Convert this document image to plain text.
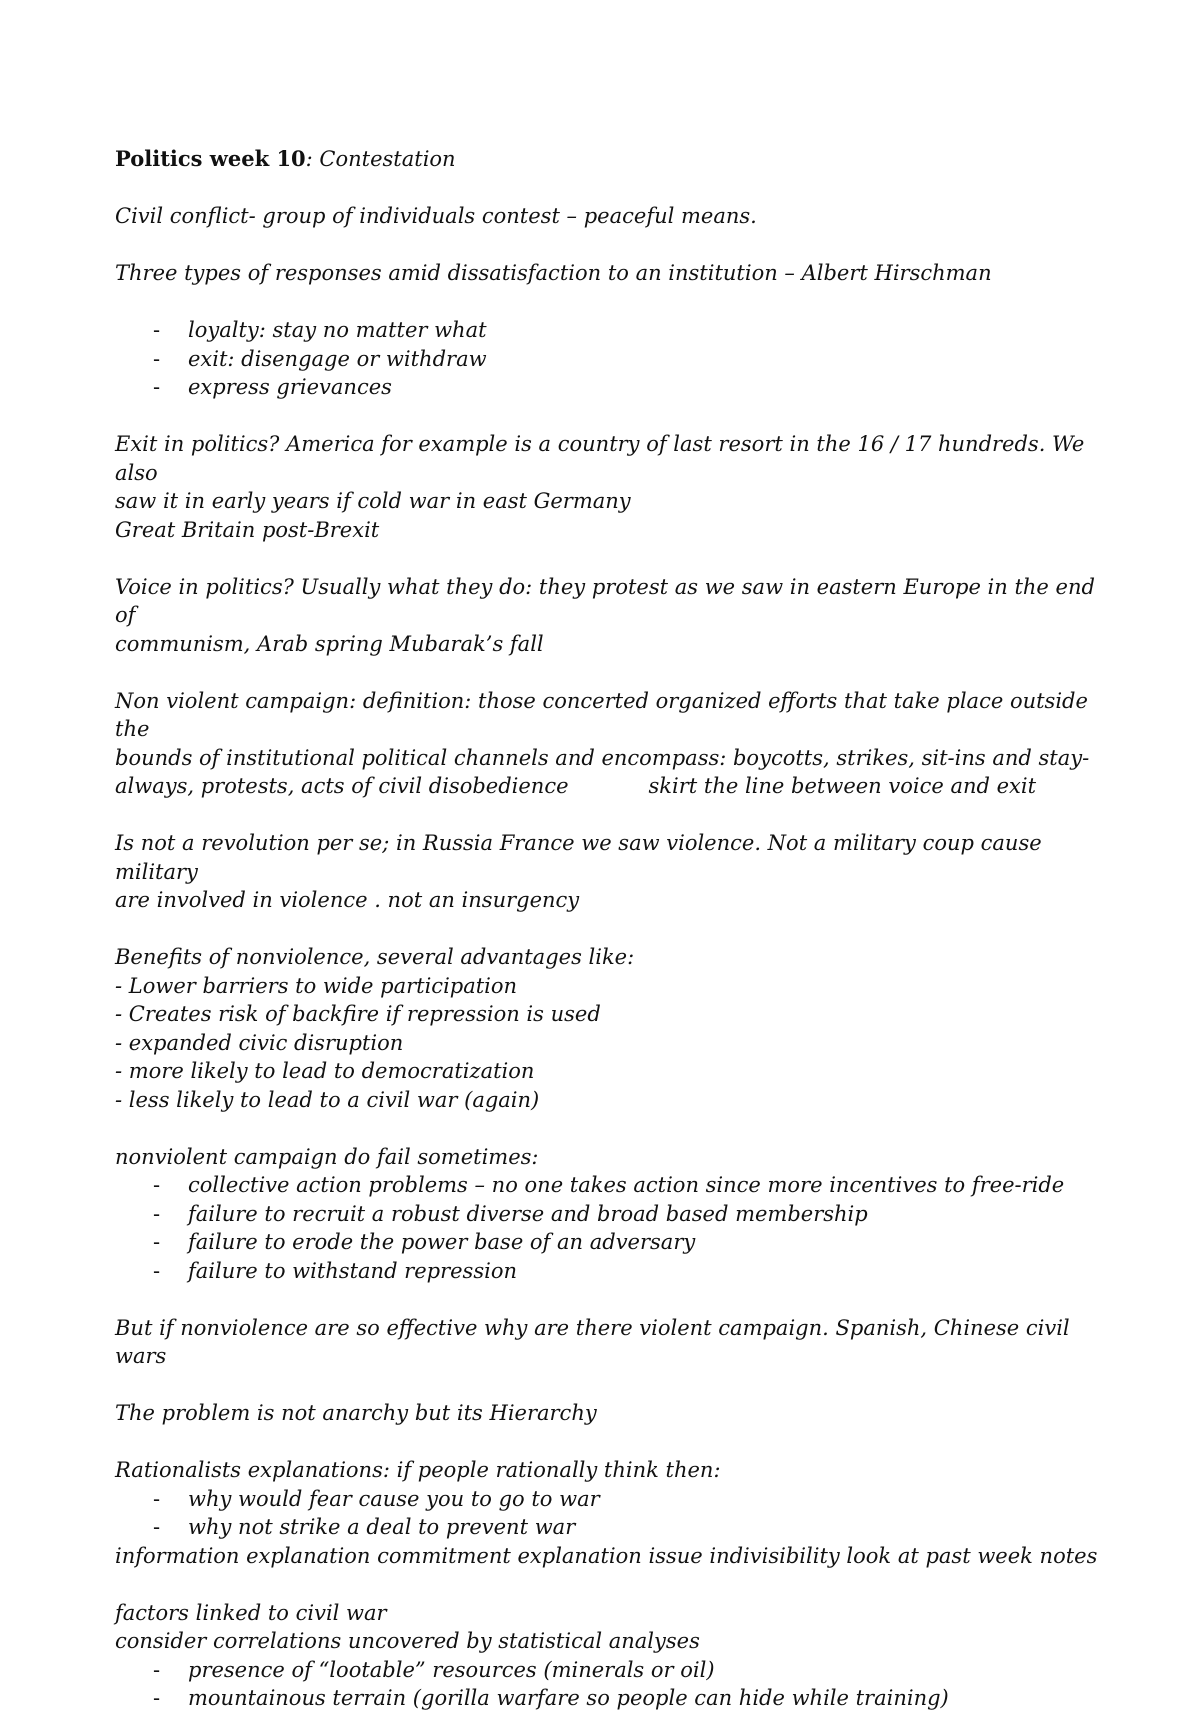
Politics week 10: Contestation
Civil conflict- group of individuals contest – peaceful means.
Three types of responses amid dissatisfaction to an institution – Albert Hirschman
- loyalty: stay no matter what
- exit: disengage or withdraw
- express grievances
Exit in politics? America for example is a country of last resort in the 16 / 17 hundreds. We also
saw it in early years if cold war in east Germany
Great Britain post-Brexit
Voice in politics? Usually what they do: they protest as we saw in eastern Europe in the end of
communism, Arab spring Mubarak’s fall
Non violent campaign: definition: those concerted organized efforts that take place outside the
bounds of institutional political channels and encompass: boycotts, strikes, sit-ins and stay-
always, protests, acts of civil disobedience	skirt the line between voice and exit
Is not a revolution per se; in Russia France we saw violence. Not a military coup cause military
are involved in violence . not an insurgency
Benefits of nonviolence, several advantages like:
- Lower barriers to wide participation
- Creates risk of backfire if repression is used
- expanded civic disruption
- more likely to lead to democratization
- less likely to lead to a civil war (again)
nonviolent campaign do fail sometimes:
- collective action problems – no one takes action since more incentives to free-ride
- failure to recruit a robust diverse and broad based membership
- failure to erode the power base of an adversary
- failure to withstand repression
But if nonviolence are so effective why are there violent campaign. Spanish, Chinese civil wars
The problem is not anarchy but its Hierarchy
Rationalists explanations: if people rationally think then:
- why would fear cause you to go to war
- why not strike a deal to prevent war
information explanation commitment explanation issue indivisibility look at past week notes
factors linked to civil war
consider correlations uncovered by statistical analyses
- presence of “lootable” resources (minerals or oil)
- mountainous terrain (gorilla warfare so people can hide while training)
